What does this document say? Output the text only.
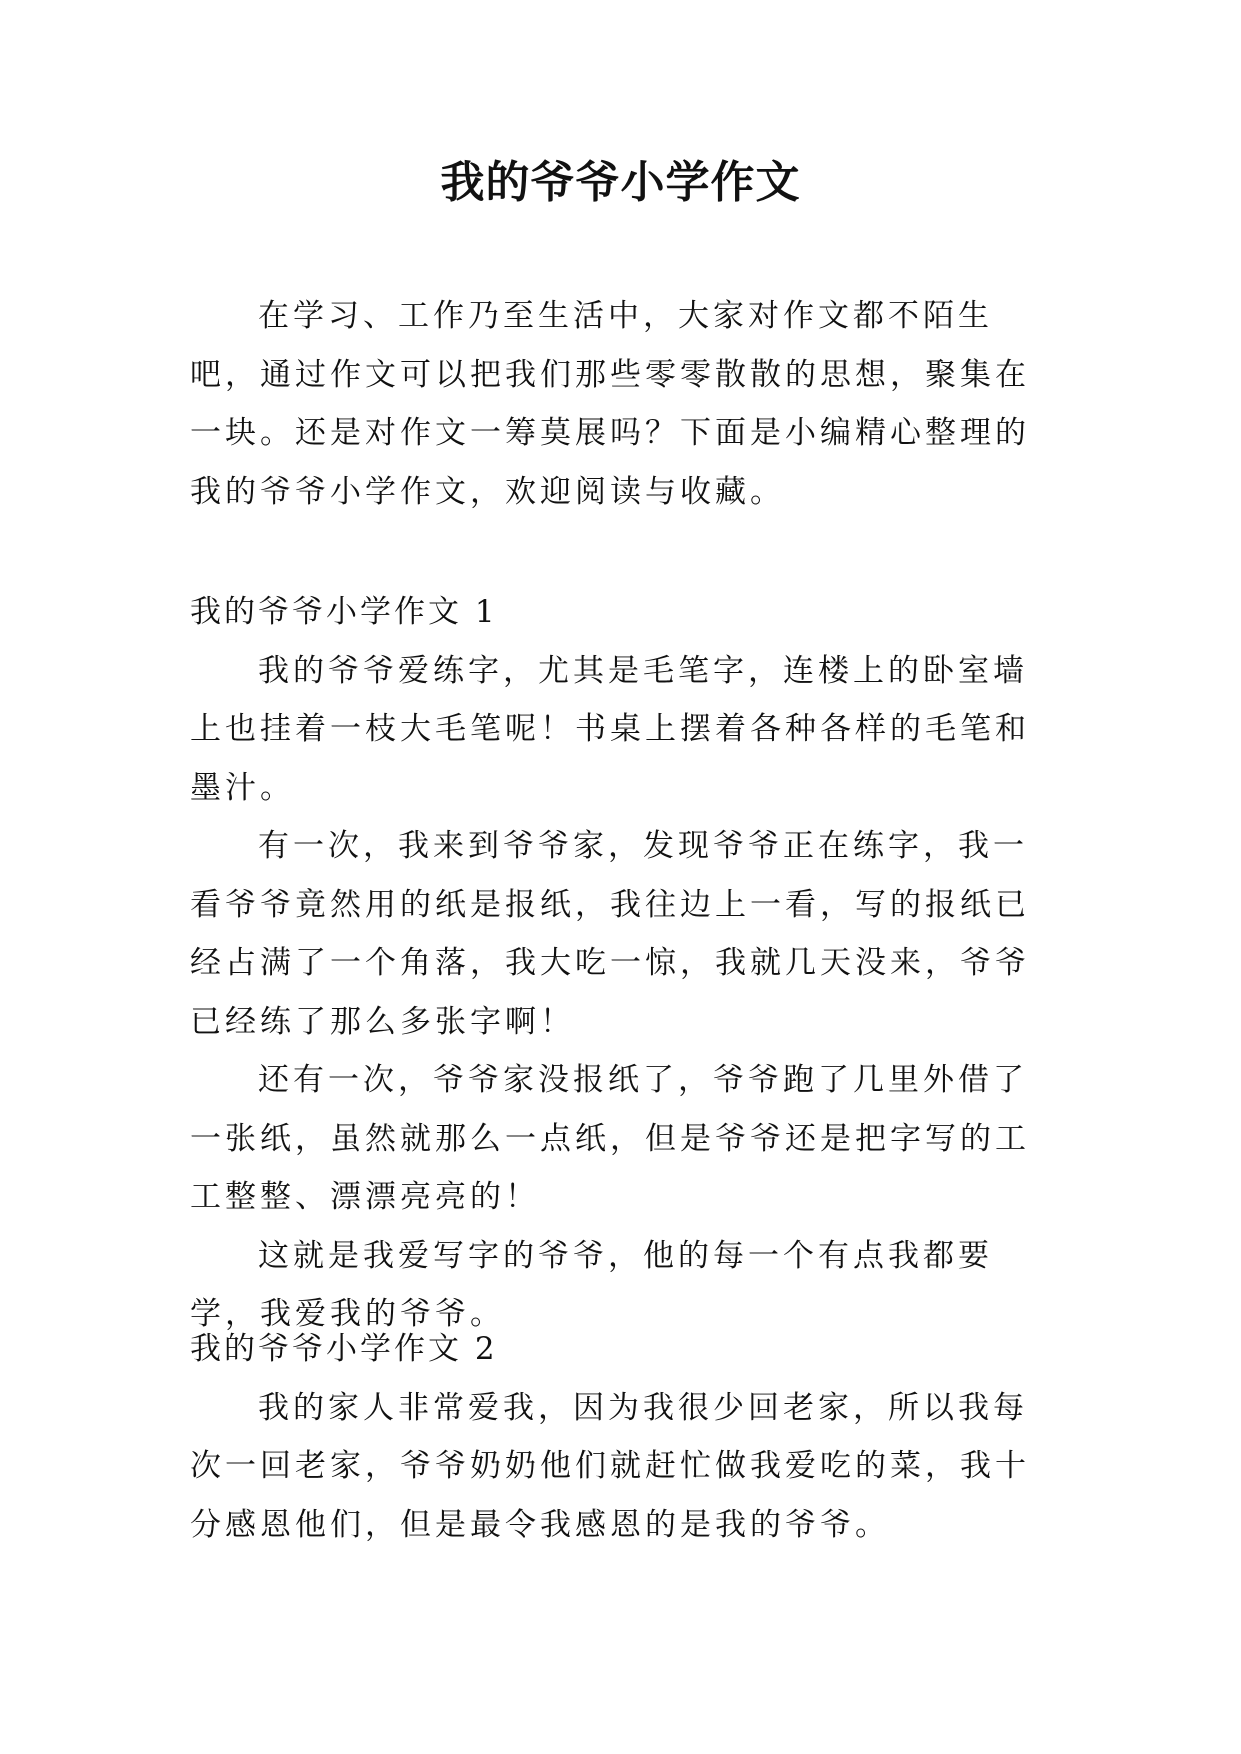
我的爷爷小学作文

在学习、工作乃至生活中，大家对作文都不陌生吧，通过作文可以把我们那些零零散散的思想，聚集在一块。还是对作文一筹莫展吗？下面是小编精心整理的我的爷爷小学作文，欢迎阅读与收藏。

我的爷爷小学作文 1

我的爷爷爱练字，尤其是毛笔字，连楼上的卧室墙上也挂着一枝大毛笔呢！书桌上摆着各种各样的毛笔和墨汁。

有一次，我来到爷爷家，发现爷爷正在练字，我一看爷爷竟然用的纸是报纸，我往边上一看，写的报纸已经占满了一个角落，我大吃一惊，我就几天没来，爷爷已经练了那么多张字啊！

还有一次，爷爷家没报纸了，爷爷跑了几里外借了一张纸，虽然就那么一点纸，但是爷爷还是把字写的工工整整、漂漂亮亮的！

这就是我爱写字的爷爷，他的每一个有点我都要学，我爱我的爷爷。

我的爷爷小学作文 2

我的家人非常爱我，因为我很少回老家，所以我每次一回老家，爷爷奶奶他们就赶忙做我爱吃的菜，我十分感恩他们，但是最令我感恩的是我的爷爷。
